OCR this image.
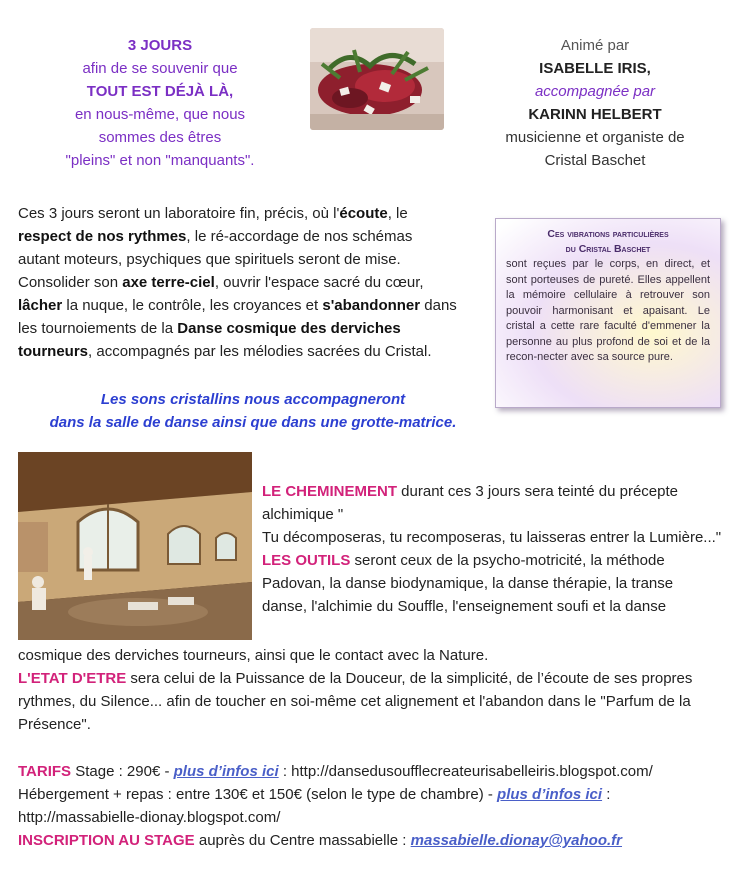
3 JOURS
afin de se souvenir que
TOUT EST DÉJÀ LÀ,
en nous-même, que nous
sommes des êtres
"pleins" et non "manquants".
Animé par
ISABELLE IRIS,
accompagnée par
KARINN HELBERT
musicienne et organiste de
Cristal Baschet
Ces 3 jours seront un laboratoire fin, précis, où l'écoute, le respect de nos rythmes, le ré-accordage de nos schémas autant moteurs, psychiques que spirituels seront de mise. Consolider son axe terre-ciel, ouvrir l'espace sacré du cœur, lâcher la nuque, le contrôle, les croyances et s'abandonner dans les tournoiements de la Danse cosmique des derviches tourneurs, accompagnés par les mélodies sacrées du Cristal.
Les sons cristallins nous accompagneront
dans la salle de danse ainsi que dans une grotte-matrice.
Ces vibrations particulières
du Cristal Baschet
sont reçues par le corps, en direct, et sont porteuses de pureté. Elles appellent la mémoire cellulaire à retrouver son pouvoir harmonisant et apaisant. Le cristal a cette rare faculté d'emmener la personne au plus profond de soi et de la recon-necter avec sa source pure.
LE CHEMINEMENT durant ces 3 jours sera teinté du précepte alchimique "
Tu décomposeras, tu recomposeras, tu laisseras entrer la Lumière..."
LES OUTILS seront ceux de la psycho-motricité, la méthode Padovan, la danse biodynamique, la danse thérapie, la transe danse, l'alchimie du Souffle, l'enseignement soufi et la danse
cosmique des derviches tourneurs, ainsi que le contact avec la Nature.
L'ETAT D'ETRE sera celui de la Puissance de la Douceur, de la simplicité, de l’écoute de ses propres rythmes, du Silence... afin de toucher en soi-même cet alignement et l'abandon dans le "Parfum de la Présence".
TARIFS Stage : 290€ - plus d’infos ici : http://dansedusoufflecreateurisabelleiris.blogspot.com/
Hébergement + repas : entre 130€ et 150€ (selon le type de chambre) - plus d’infos ici :
http://massabielle-dionay.blogspot.com/
INSCRIPTION AU STAGE auprès du Centre massabielle : massabielle.dionay@yahoo.fr
